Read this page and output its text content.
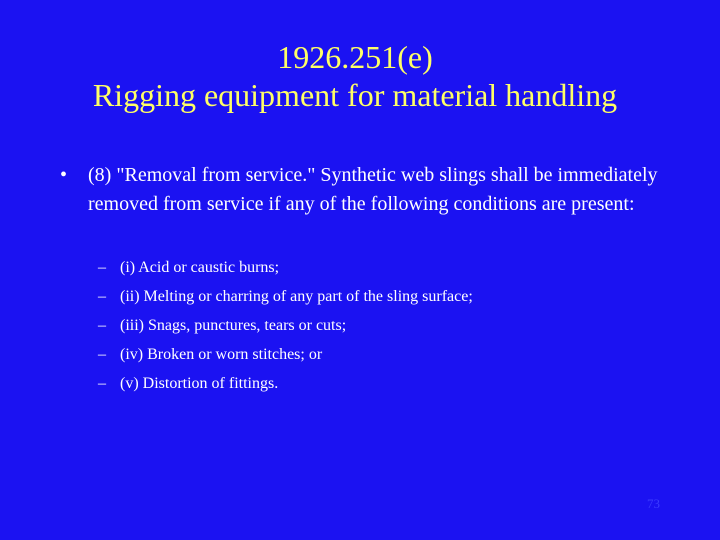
1926.251(e)
Rigging equipment for material handling
• (8) "Removal from service." Synthetic web slings shall be immediately removed from service if any of the following conditions are present:
– (i) Acid or caustic burns;
– (ii) Melting or charring of any part of the sling surface;
– (iii) Snags, punctures, tears or cuts;
– (iv) Broken or worn stitches; or
– (v) Distortion of fittings.
73
